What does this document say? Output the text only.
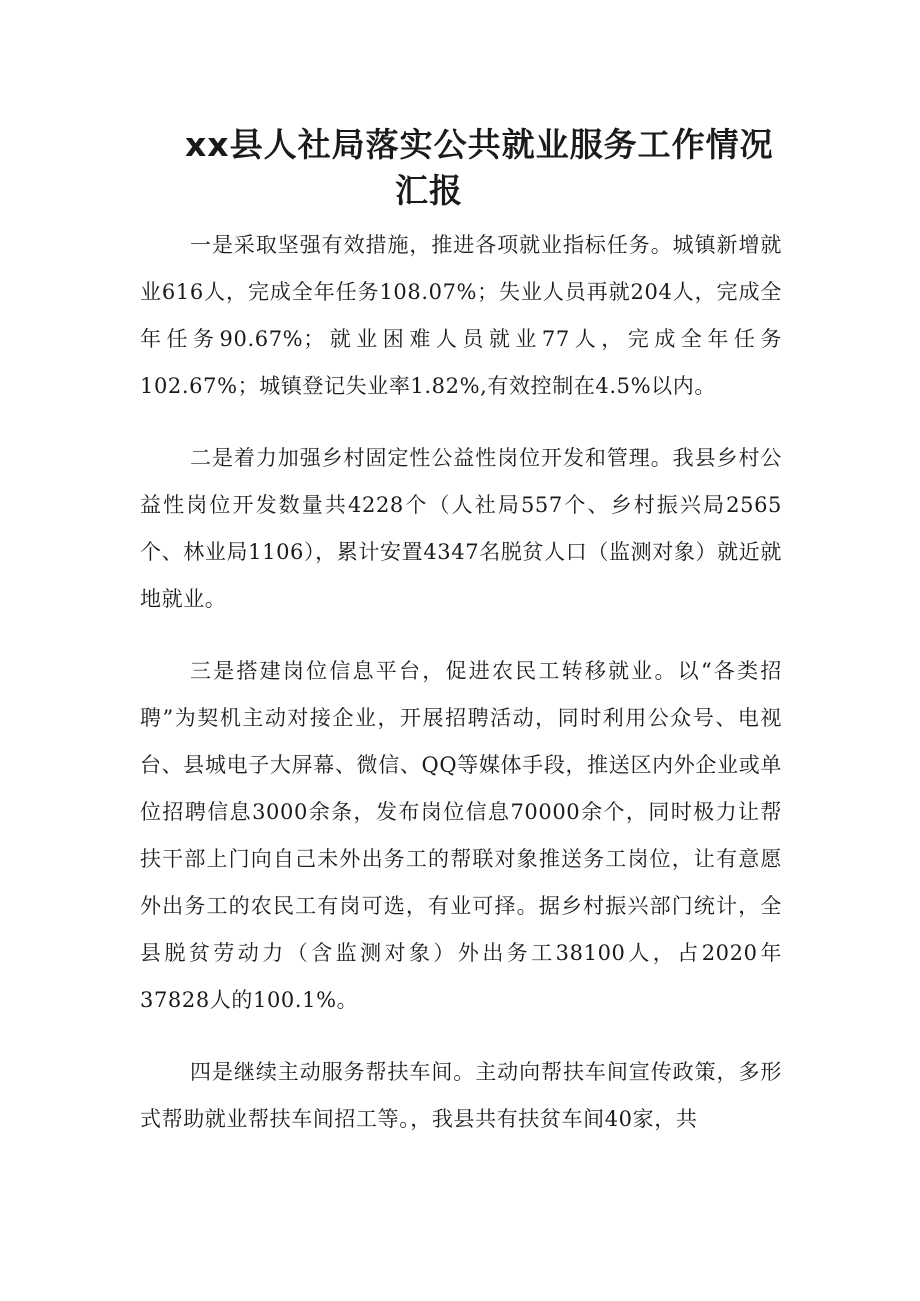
xx县人社局落实公共就业服务工作情况
汇报

一是采取坚强有效措施，推进各项就业指标任务。城镇新增就业616人，完成全年任务108.07%；失业人员再就204人，完成全年任务90.67%；就业困难人员就业77人，完成全年任务102.67%；城镇登记失业率1.82%,有效控制在4.5%以内。

二是着力加强乡村固定性公益性岗位开发和管理。我县乡村公益性岗位开发数量共4228个（人社局557个、乡村振兴局2565个、林业局1106），累计安置4347名脱贫人口（监测对象）就近就地就业。

三是搭建岗位信息平台，促进农民工转移就业。以“各类招聘”为契机主动对接企业，开展招聘活动，同时利用公众号、电视台、县城电子大屏幕、微信、QQ等媒体手段，推送区内外企业或单位招聘信息3000余条，发布岗位信息70000余个，同时极力让帮扶干部上门向自己未外出务工的帮联对象推送务工岗位，让有意愿外出务工的农民工有岗可选，有业可择。据乡村振兴部门统计，全县脱贫劳动力（含监测对象）外出务工38100人，占2020年37828人的100.1%。

四是继续主动服务帮扶车间。主动向帮扶车间宣传政策，多形式帮助就业帮扶车间招工等。，我县共有扶贫车间40家，共
